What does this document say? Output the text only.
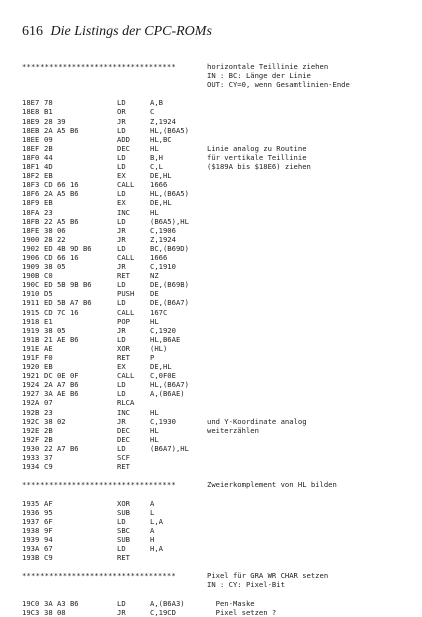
616 Die Listings der CPC-ROMs
**********************************	horizontale Teillinie ziehen
IN : BC: Länge der Linie
OUT: CY=0, wenn Gesamtlinien-Ende
18E7 78	LD	A,B
18E8 B1	OR	C
18E9 28 39	JR	Z,1924
18EB 2A A5 B6	LD	HL,(B6A5)
18EE 09	ADD	HL,BC
18EF 2B	DEC	HL	Linie analog zu Routine
18F0 44	LD	B,H	für vertikale Teillinie
18F1 4D	LD	C,L	($189A bis $18E6) ziehen
18F2 EB	EX	DE,HL
18F3 CD 66 16	CALL 1666
18F6 2A A5 B6	LD	HL,(B6A5)
18F9 EB	EX	DE,HL
18FA 23	INC	HL
18FB 22 A5 B6	LD	(B6A5),HL
18FE 38 06	JR	C,1906
1900 28 22	JR	Z,1924
1902 ED 4B 9D B6	LD	BC,(B69D)
1906 CD 66 16	CALL 1666
1909 38 05	JR	C,1910
190B C0	RET	NZ
190C ED 5B 9B B6	LD	DE,(B69B)
1910 D5	PUSH DE
1911 ED 5B A7 B6	LD	DE,(B6A7)
1915 CD 7C 16	CALL 167C
1918 E1	POP	HL
1919 38 05	JR	C,1920
191B 21 AE B6	LD	HL,B6AE
191E AE	XOR	(HL)
191F F0	RET	P
1920 EB	EX	DE,HL
1921 DC 0E 0F	CALL C,0F0E
1924 2A A7 B6	LD	HL,(B6A7)
1927 3A AE B6	LD	A,(B6AE)
192A 07	RLCA
192B 23	INC	HL
192C 38 02	JR	C,1930	und Y-Koordinate analog
192E 2B	DEC	HL	weiterzählen
192F 2B	DEC	HL
1930 22 A7 B6	LD	(B6A7),HL
1933 37	SCF
1934 C9	RET
**********************************	Zweierkomplement von HL bilden
1935 AF	XOR	A
1936 95	SUB	L
1937 6F	LD	L,A
1938 9F	SBC	A
1939 94	SUB	H
193A 67	LD	H,A
193B C9	RET
**********************************	Pixel für GRA WR CHAR setzen
IN : CY: Pixel-Bit
19C0 3A A3 B6	LD	A,(B6A3)	Pen-Maske
19C3 38 08	JR	C,19CD	Pixel setzen ?
